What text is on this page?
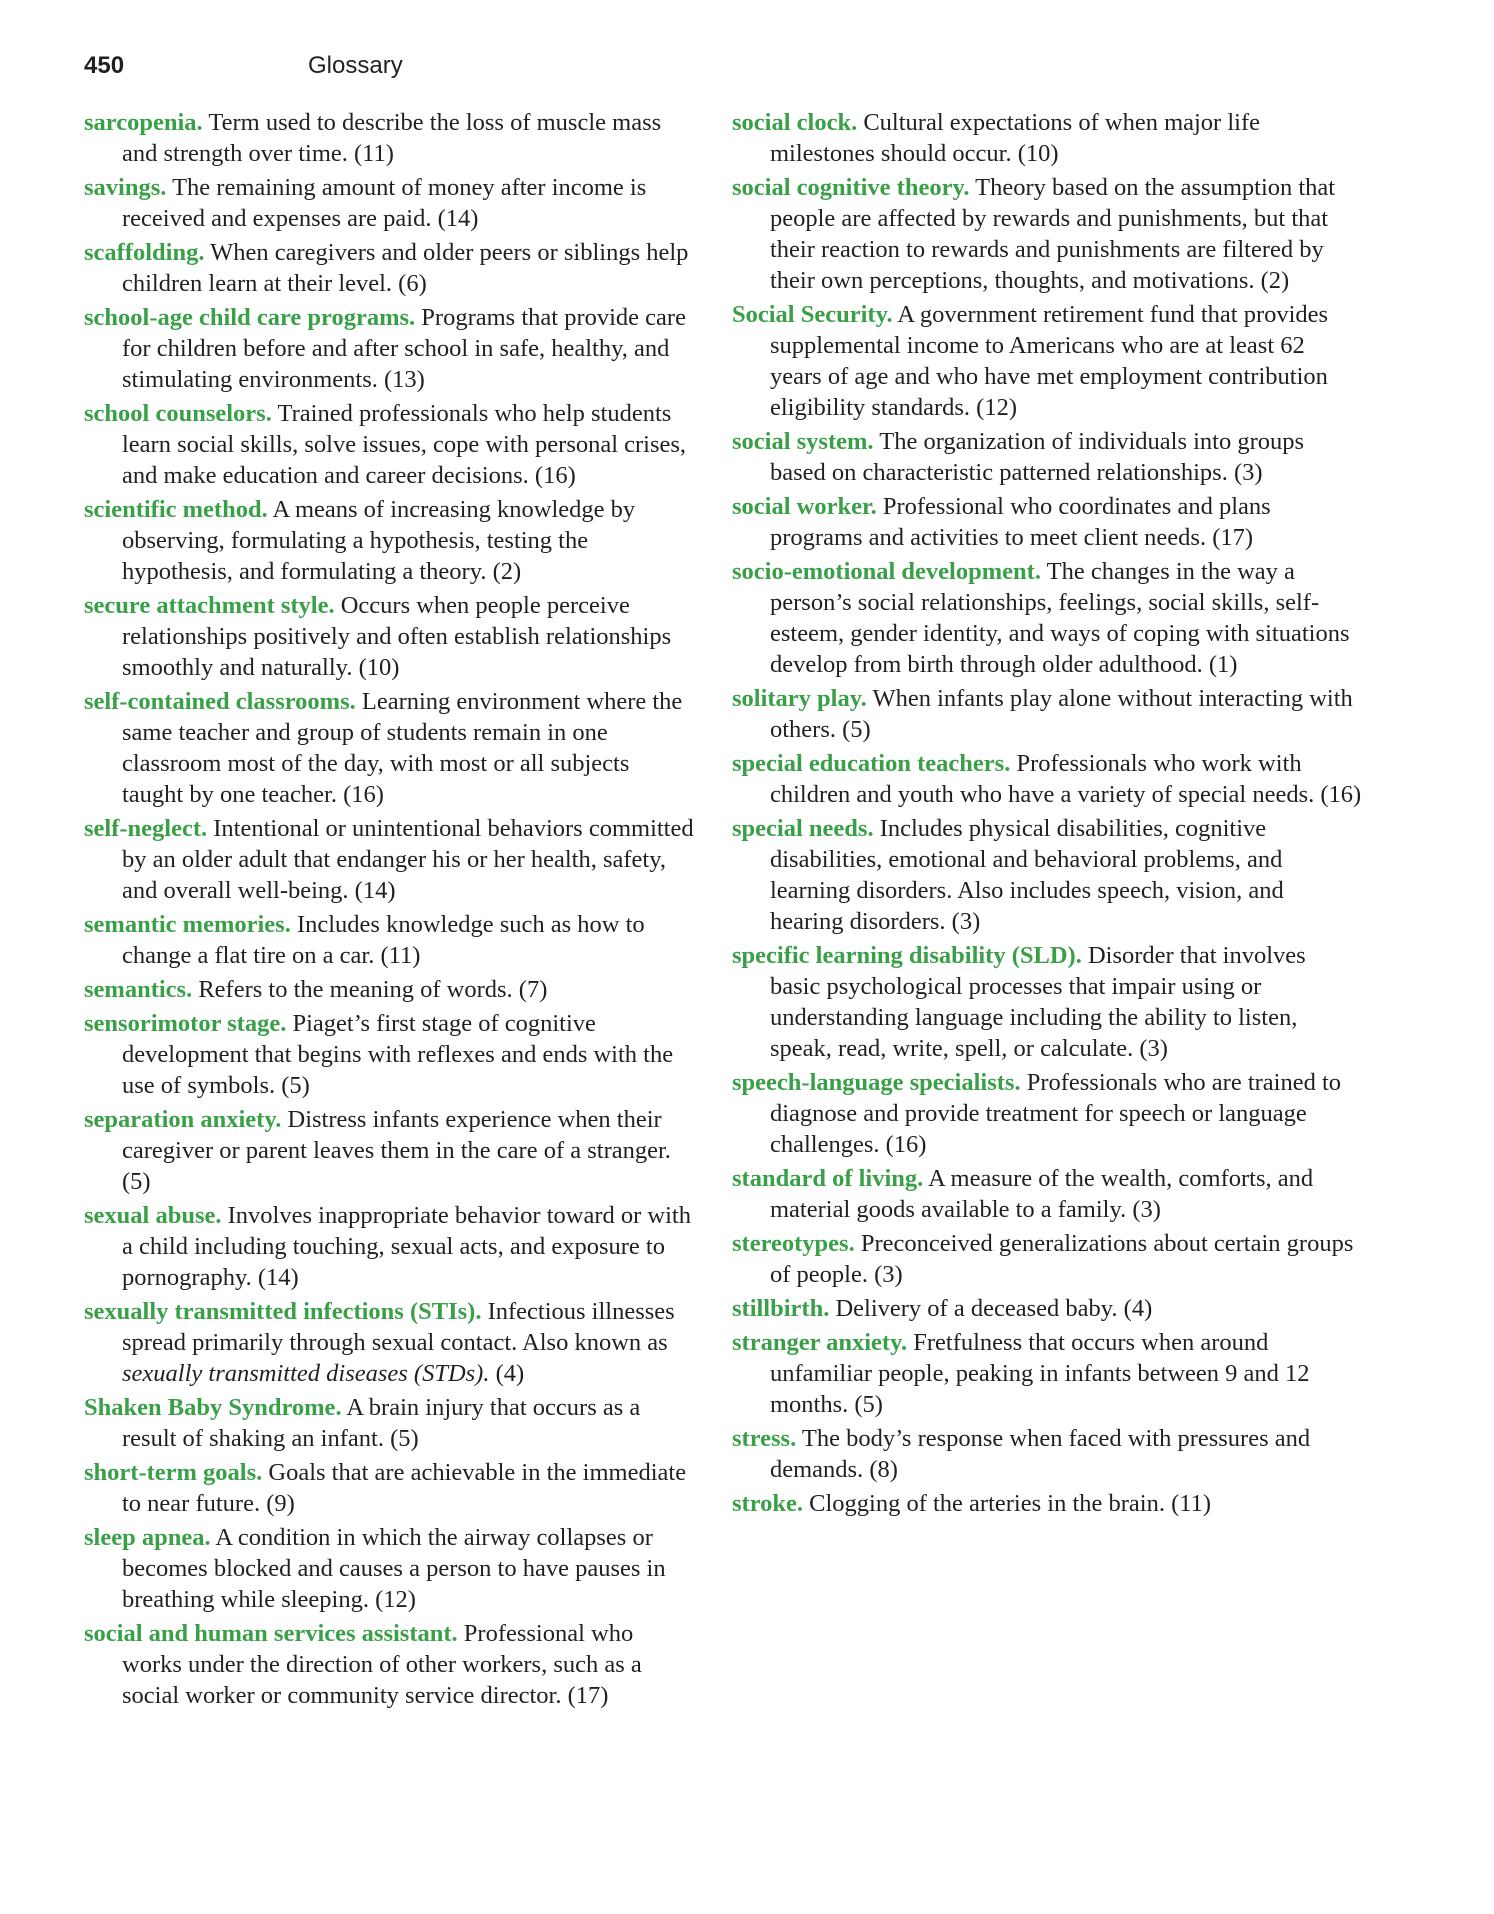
450	Glossary
sarcopenia. Term used to describe the loss of muscle mass and strength over time. (11)
savings. The remaining amount of money after income is received and expenses are paid. (14)
scaffolding. When caregivers and older peers or siblings help children learn at their level. (6)
school-age child care programs. Programs that provide care for children before and after school in safe, healthy, and stimulating environments. (13)
school counselors. Trained professionals who help students learn social skills, solve issues, cope with personal crises, and make education and career decisions. (16)
scientific method. A means of increasing knowledge by observing, formulating a hypothesis, testing the hypothesis, and formulating a theory. (2)
secure attachment style. Occurs when people perceive relationships positively and often establish relationships smoothly and naturally. (10)
self-contained classrooms. Learning environment where the same teacher and group of students remain in one classroom most of the day, with most or all subjects taught by one teacher. (16)
self-neglect. Intentional or unintentional behaviors committed by an older adult that endanger his or her health, safety, and overall well-being. (14)
semantic memories. Includes knowledge such as how to change a flat tire on a car. (11)
semantics. Refers to the meaning of words. (7)
sensorimotor stage. Piaget’s first stage of cognitive development that begins with reflexes and ends with the use of symbols. (5)
separation anxiety. Distress infants experience when their caregiver or parent leaves them in the care of a stranger. (5)
sexual abuse. Involves inappropriate behavior toward or with a child including touching, sexual acts, and exposure to pornography. (14)
sexually transmitted infections (STIs). Infectious illnesses spread primarily through sexual contact. Also known as sexually transmitted diseases (STDs). (4)
Shaken Baby Syndrome. A brain injury that occurs as a result of shaking an infant. (5)
short-term goals. Goals that are achievable in the immediate to near future. (9)
sleep apnea. A condition in which the airway collapses or becomes blocked and causes a person to have pauses in breathing while sleeping. (12)
social and human services assistant. Professional who works under the direction of other workers, such as a social worker or community service director. (17)
social clock. Cultural expectations of when major life milestones should occur. (10)
social cognitive theory. Theory based on the assumption that people are affected by rewards and punishments, but that their reaction to rewards and punishments are filtered by their own perceptions, thoughts, and motivations. (2)
Social Security. A government retirement fund that provides supplemental income to Americans who are at least 62 years of age and who have met employment contribution eligibility standards. (12)
social system. The organization of individuals into groups based on characteristic patterned relationships. (3)
social worker. Professional who coordinates and plans programs and activities to meet client needs. (17)
socio-emotional development. The changes in the way a person’s social relationships, feelings, social skills, self-esteem, gender identity, and ways of coping with situations develop from birth through older adulthood. (1)
solitary play. When infants play alone without interacting with others. (5)
special education teachers. Professionals who work with children and youth who have a variety of special needs. (16)
special needs. Includes physical disabilities, cognitive disabilities, emotional and behavioral problems, and learning disorders. Also includes speech, vision, and hearing disorders. (3)
specific learning disability (SLD). Disorder that involves basic psychological processes that impair using or understanding language including the ability to listen, speak, read, write, spell, or calculate. (3)
speech-language specialists. Professionals who are trained to diagnose and provide treatment for speech or language challenges. (16)
standard of living. A measure of the wealth, comforts, and material goods available to a family. (3)
stereotypes. Preconceived generalizations about certain groups of people. (3)
stillbirth. Delivery of a deceased baby. (4)
stranger anxiety. Fretfulness that occurs when around unfamiliar people, peaking in infants between 9 and 12 months. (5)
stress. The body’s response when faced with pressures and demands. (8)
stroke. Clogging of the arteries in the brain. (11)
